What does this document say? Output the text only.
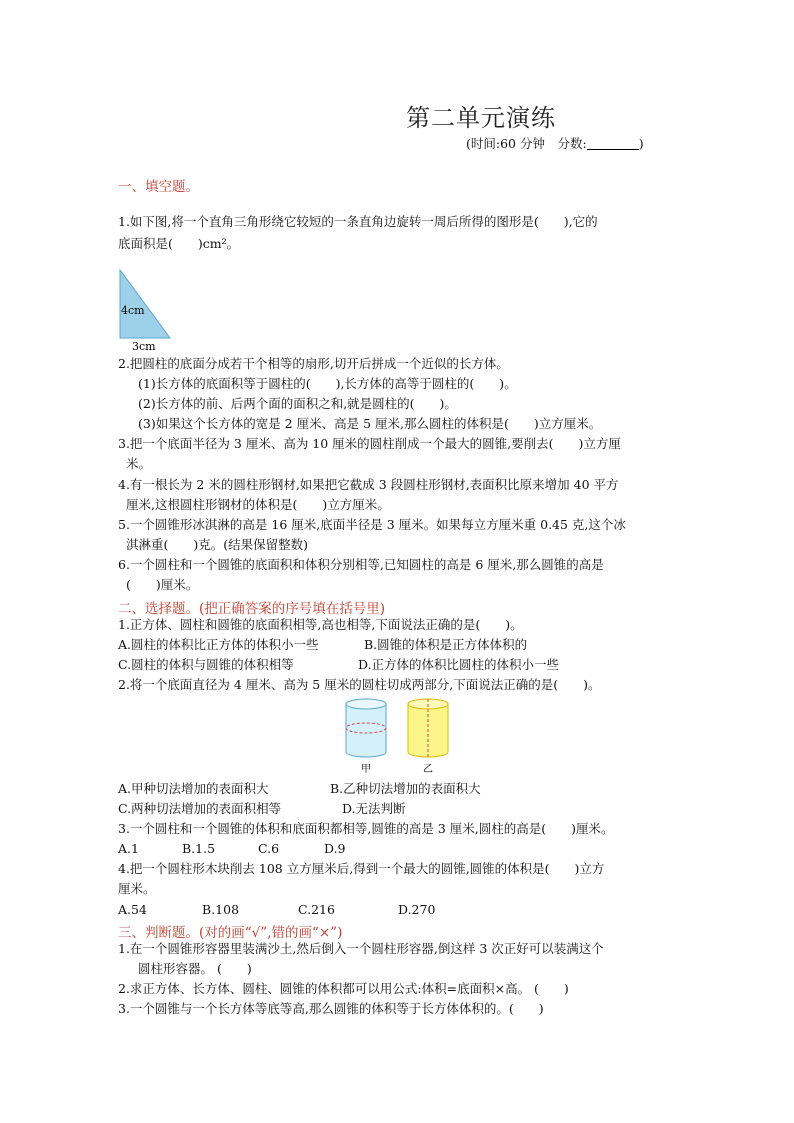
第二单元演练
(时间:60 分钟　分数:	)
一、填空题。
1.如下图,将一个直角三角形绕它较短的一条直角边旋转一周后所得的图形是(　　),它的
底面积是(　　)cm²。
4cm
3cm
2.把圆柱的底面分成若干个相等的扇形,切开后拼成一个近似的长方体。
(1)长方体的底面积等于圆柱的(　　),长方体的高等于圆柱的(　　)。
(2)长方体的前、后两个面的面积之和,就是圆柱的(　　)。
(3)如果这个长方体的宽是 2 厘米、高是 5 厘米,那么圆柱的体积是(　　)立方厘米。
3.把一个底面半径为 3 厘米、高为 10 厘米的圆柱削成一个最大的圆锥,要削去(　　)立方厘
米。
4.有一根长为 2 米的圆柱形钢材,如果把它截成 3 段圆柱形钢材,表面积比原来增加 40 平方
厘米,这根圆柱形钢材的体积是(　　)立方厘米。
5.一个圆锥形冰淇淋的高是 16 厘米,底面半径是 3 厘米。如果每立方厘米重 0.45 克,这个冰
淇淋重(　　)克。(结果保留整数)
6.一个圆柱和一个圆锥的底面积和体积分别相等,已知圆柱的高是 6 厘米,那么圆锥的高是
(　　)厘米。
二、选择题。(把正确答案的序号填在括号里)
1.正方体、圆柱和圆锥的底面积相等,高也相等,下面说法正确的是(　　)。
A.圆柱的体积比正方体的体积小一些	B.圆锥的体积是正方体体积的
C.圆柱的体积与圆锥的体积相等	D.正方体的体积比圆柱的体积小一些
2.将一个底面直径为 4 厘米、高为 5 厘米的圆柱切成两部分,下面说法正确的是(　　)。
甲	乙
A.甲种切法增加的表面积大	B.乙种切法增加的表面积大
C.两种切法增加的表面积相等	D.无法判断
3.一个圆柱和一个圆锥的体积和底面积都相等,圆锥的高是 3 厘米,圆柱的高是(　　)厘米。
A.1	B.1.5	C.6	D.9
4.把一个圆柱形木块削去 108 立方厘米后,得到一个最大的圆锥,圆锥的体积是(　　)立方
厘米。
A.54	B.108	C.216	D.270
三、判断题。(对的画“√”,错的画“×”)
1.在一个圆锥形容器里装满沙土,然后倒入一个圆柱形容器,倒这样 3 次正好可以装满这个
圆柱形容器。 (　　)
2.求正方体、长方体、圆柱、圆锥的体积都可以用公式:体积=底面积×高。 (　　)
3.一个圆锥与一个长方体等底等高,那么圆锥的体积等于长方体体积的。(　　)
